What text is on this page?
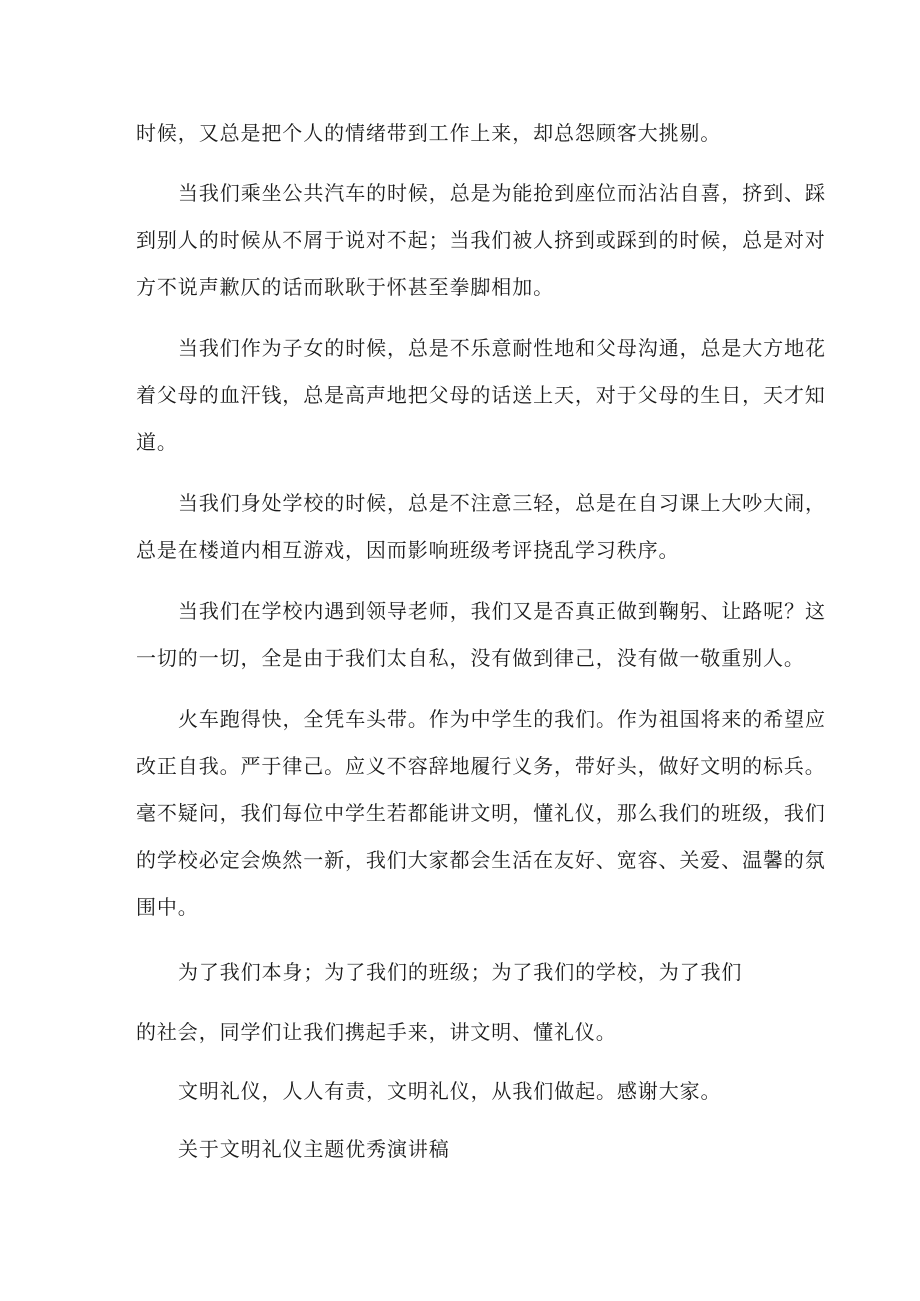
时候，又总是把个人的情绪带到工作上来，却总怨顾客大挑剔。
当我们乘坐公共汽车的时候，总是为能抢到座位而沾沾自喜，挤到、踩
到别人的时候从不屑于说对不起；当我们被人挤到或踩到的时候，总是对对
方不说声歉仄的话而耿耿于怀甚至拳脚相加。
当我们作为子女的时候，总是不乐意耐性地和父母沟通，总是大方地花
着父母的血汗钱，总是高声地把父母的话送上天，对于父母的生日，天才知
道。
当我们身处学校的时候，总是不注意三轻，总是在自习课上大吵大闹，
总是在楼道内相互游戏，因而影响班级考评挠乱学习秩序。
当我们在学校内遇到领导老师，我们又是否真正做到鞠躬、让路呢？这
一切的一切，全是由于我们太自私，没有做到律己，没有做一敬重别人。
火车跑得快，全凭车头带。作为中学生的我们。作为祖国将来的希望应
改正自我。严于律己。应义不容辞地履行义务，带好头，做好文明的标兵。
毫不疑问，我们每位中学生若都能讲文明，懂礼仪，那么我们的班级，我们
的学校必定会焕然一新，我们大家都会生活在友好、宽容、关爱、温馨的氛
围中。
为了我们本身；为了我们的班级；为了我们的学校，为了我们
的社会，同学们让我们携起手来，讲文明、懂礼仪。
文明礼仪，人人有责，文明礼仪，从我们做起。感谢大家。
关于文明礼仪主题优秀演讲稿
